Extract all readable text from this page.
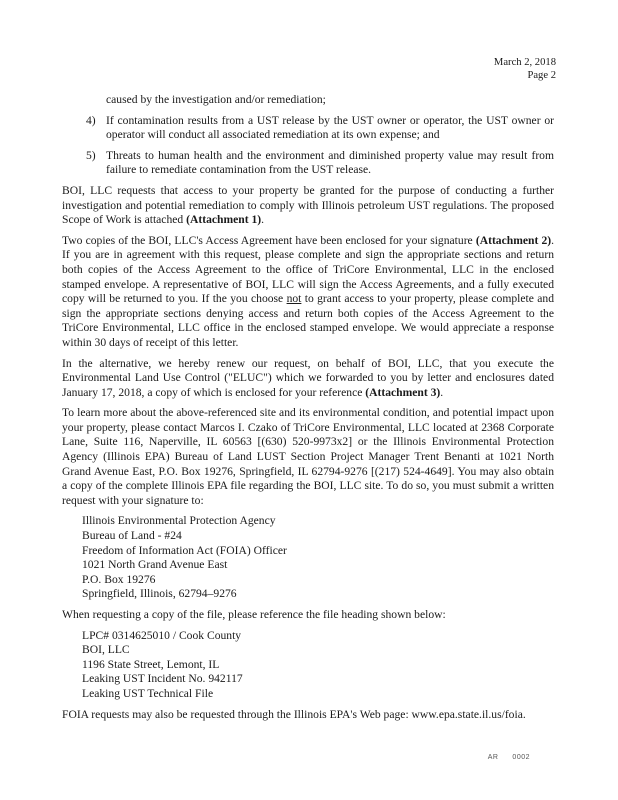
March 2, 2018
Page 2

caused by the investigation and/or remediation;

4) If contamination results from a UST release by the UST owner or operator, the UST owner or operator will conduct all associated remediation at its own expense; and
5) Threats to human health and the environment and diminished property value may result from failure to remediate contamination from the UST release.

BOI, LLC requests that access to your property be granted for the purpose of conducting a further investigation and potential remediation to comply with Illinois petroleum UST regulations. The proposed Scope of Work is attached (Attachment 1).

Two copies of the BOI, LLC's Access Agreement have been enclosed for your signature (Attachment 2). If you are in agreement with this request, please complete and sign the appropriate sections and return both copies of the Access Agreement to the office of TriCore Environmental, LLC in the enclosed stamped envelope. A representative of BOI, LLC will sign the Access Agreements, and a fully executed copy will be returned to you. If the you choose not to grant access to your property, please complete and sign the appropriate sections denying access and return both copies of the Access Agreement to the TriCore Environmental, LLC office in the enclosed stamped envelope. We would appreciate a response within 30 days of receipt of this letter.

In the alternative, we hereby renew our request, on behalf of BOI, LLC, that you execute the Environmental Land Use Control ("ELUC") which we forwarded to you by letter and enclosures dated January 17, 2018, a copy of which is enclosed for your reference (Attachment 3).

To learn more about the above-referenced site and its environmental condition, and potential impact upon your property, please contact Marcos I. Czako of TriCore Environmental, LLC located at 2368 Corporate Lane, Suite 116, Naperville, IL 60563 [(630) 520-9973x2] or the Illinois Environmental Protection Agency (Illinois EPA) Bureau of Land LUST Section Project Manager Trent Benanti at 1021 North Grand Avenue East, P.O. Box 19276, Springfield, IL 62794-9276 [(217) 524-4649]. You may also obtain a copy of the complete Illinois EPA file regarding the BOI, LLC site. To do so, you must submit a written request with your signature to:

Illinois Environmental Protection Agency
Bureau of Land - #24
Freedom of Information Act (FOIA) Officer
1021 North Grand Avenue East
P.O. Box 19276
Springfield, Illinois, 62794–9276

When requesting a copy of the file, please reference the file heading shown below:

LPC# 0314625010 / Cook County
BOI, LLC
1196 State Street, Lemont, IL
Leaking UST Incident No. 942117
Leaking UST Technical File

FOIA requests may also be requested through the Illinois EPA's Web page: www.epa.state.il.us/foia.

AR 0002
